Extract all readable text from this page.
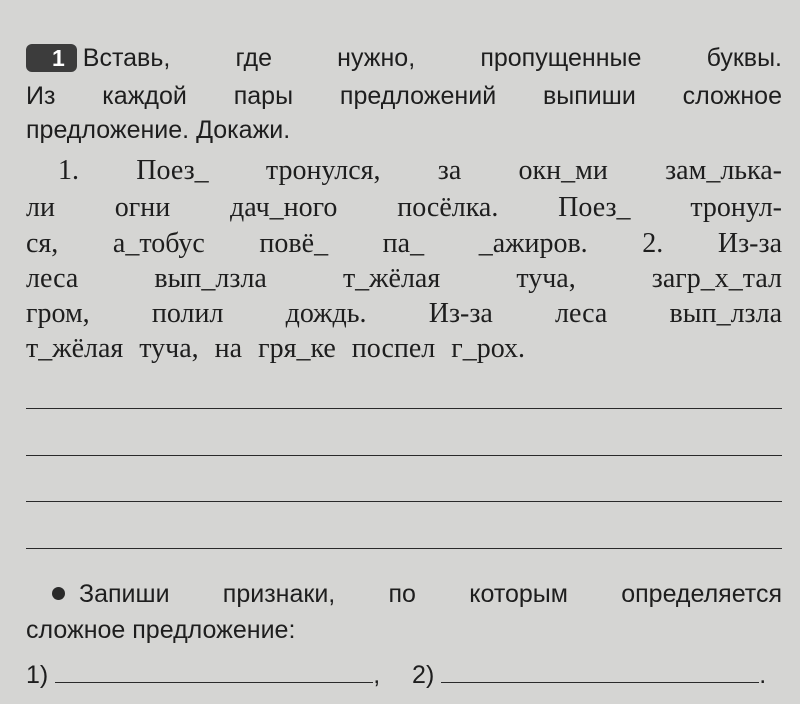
1 Вставь, где нужно, пропущенные буквы.
Из каждой пары предложений выпиши сложное
предложение. Докажи.
1. Поез_ тронулся, за окн_ми зам_лька-
ли огни дач_ного посёлка. Поез_ тронул-
ся, а_тобус повё_ па_ _ажиров. 2. Из-за
леса вып_лзла т_жёлая туча, загр_х_тал
гром, полил дождь. Из-за леса вып_лзла
т_жёлая туча, на гря_ке поспел г_рох.
Запиши признаки, по которым определяется
сложное предложение:
1)	, 2)	.
